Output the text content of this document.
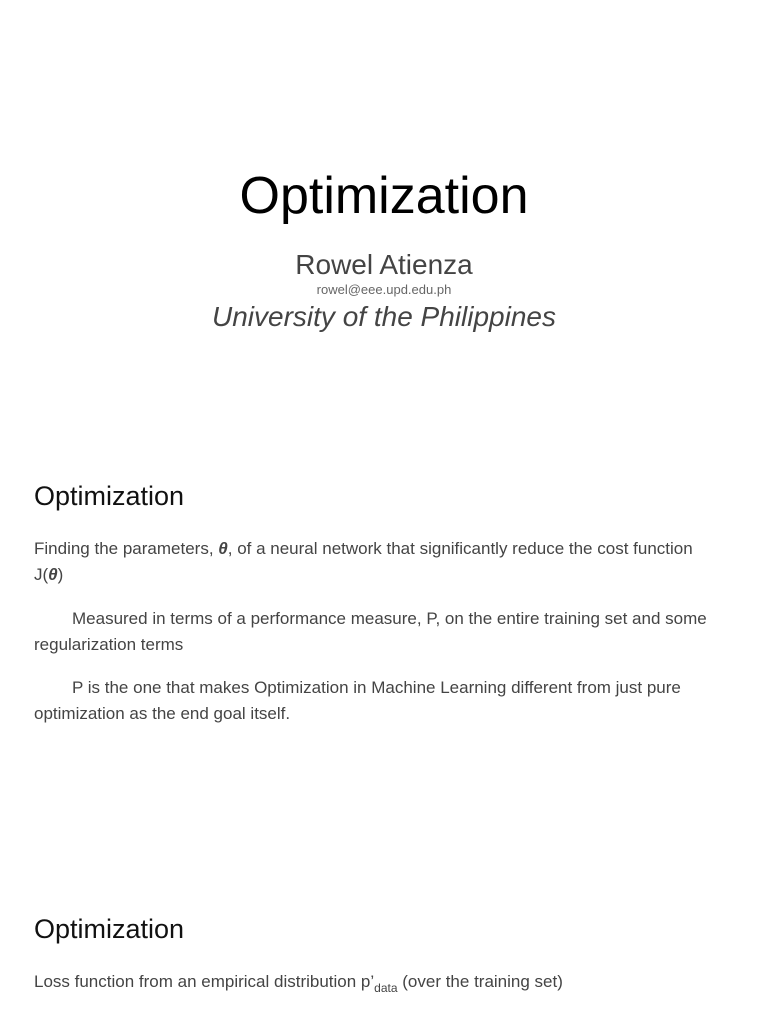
Optimization
Rowel Atienza
rowel@eee.upd.edu.ph
University of the Philippines
Optimization
Finding the parameters, θ, of a neural network that significantly reduce the cost function J(θ)
Measured in terms of a performance measure, P, on the entire training set and some regularization terms
P is the one that makes Optimization in Machine Learning different from just pure optimization as the end goal itself.
Optimization
Loss function from an empirical distribution $p’_{data}$ (over the training set)
